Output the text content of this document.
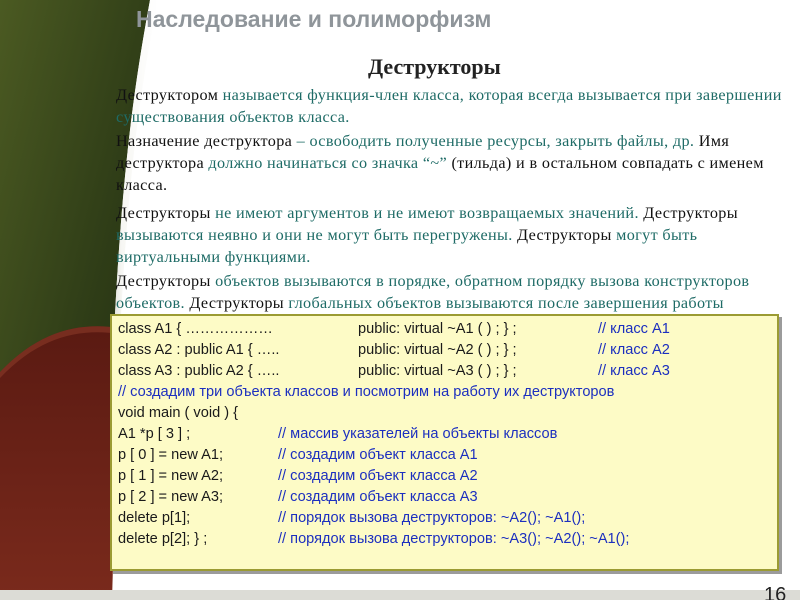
Наследование и полиморфизм
Деструкторы

Деструктором называется функция-член класса, которая всегда вызывается при завершении существования объектов класса.

Назначение деструктора – освободить полученные ресурсы, закрыть файлы, др. Имя деструктора должно начинаться со значка “~” (тильда) и в остальном совпадать с именем класса.

Деструкторы не имеют аргументов и не имеют возвращаемых значений. Деструкторы вызываются неявно и они не могут быть перегружены. Деструкторы могут быть виртуальными функциями.

Деструкторы объектов вызываются в порядке, обратном порядку вызова конструкторов объектов. Деструкторы глобальных объектов вызываются после завершения работы

class A1 { ………………	public: virtual ~A1 ( ) ; } ;	// класс A1
class A2 : public A1 { …..	public: virtual ~A2 ( ) ; } ;	// класс A2
class A3 : public A2 { …..	public: virtual ~A3 ( ) ; } ;	// класс A3
// создадим три объекта классов и посмотрим на работу их деструкторов
void main ( void ) {
A1 *p [ 3 ] ;	// массив указателей на объекты классов
p [ 0 ] = new A1;	// создадим объект класса A1
p [ 1 ] = new A2;	// создадим объект класса A2
p [ 2 ] = new A3;	// создадим объект класса A3
delete p[1];	// порядок вызова деструкторов: ~A2(); ~A1();
delete p[2]; } ;	// порядок вызова деструкторов: ~A3(); ~A2(); ~A1();
16
